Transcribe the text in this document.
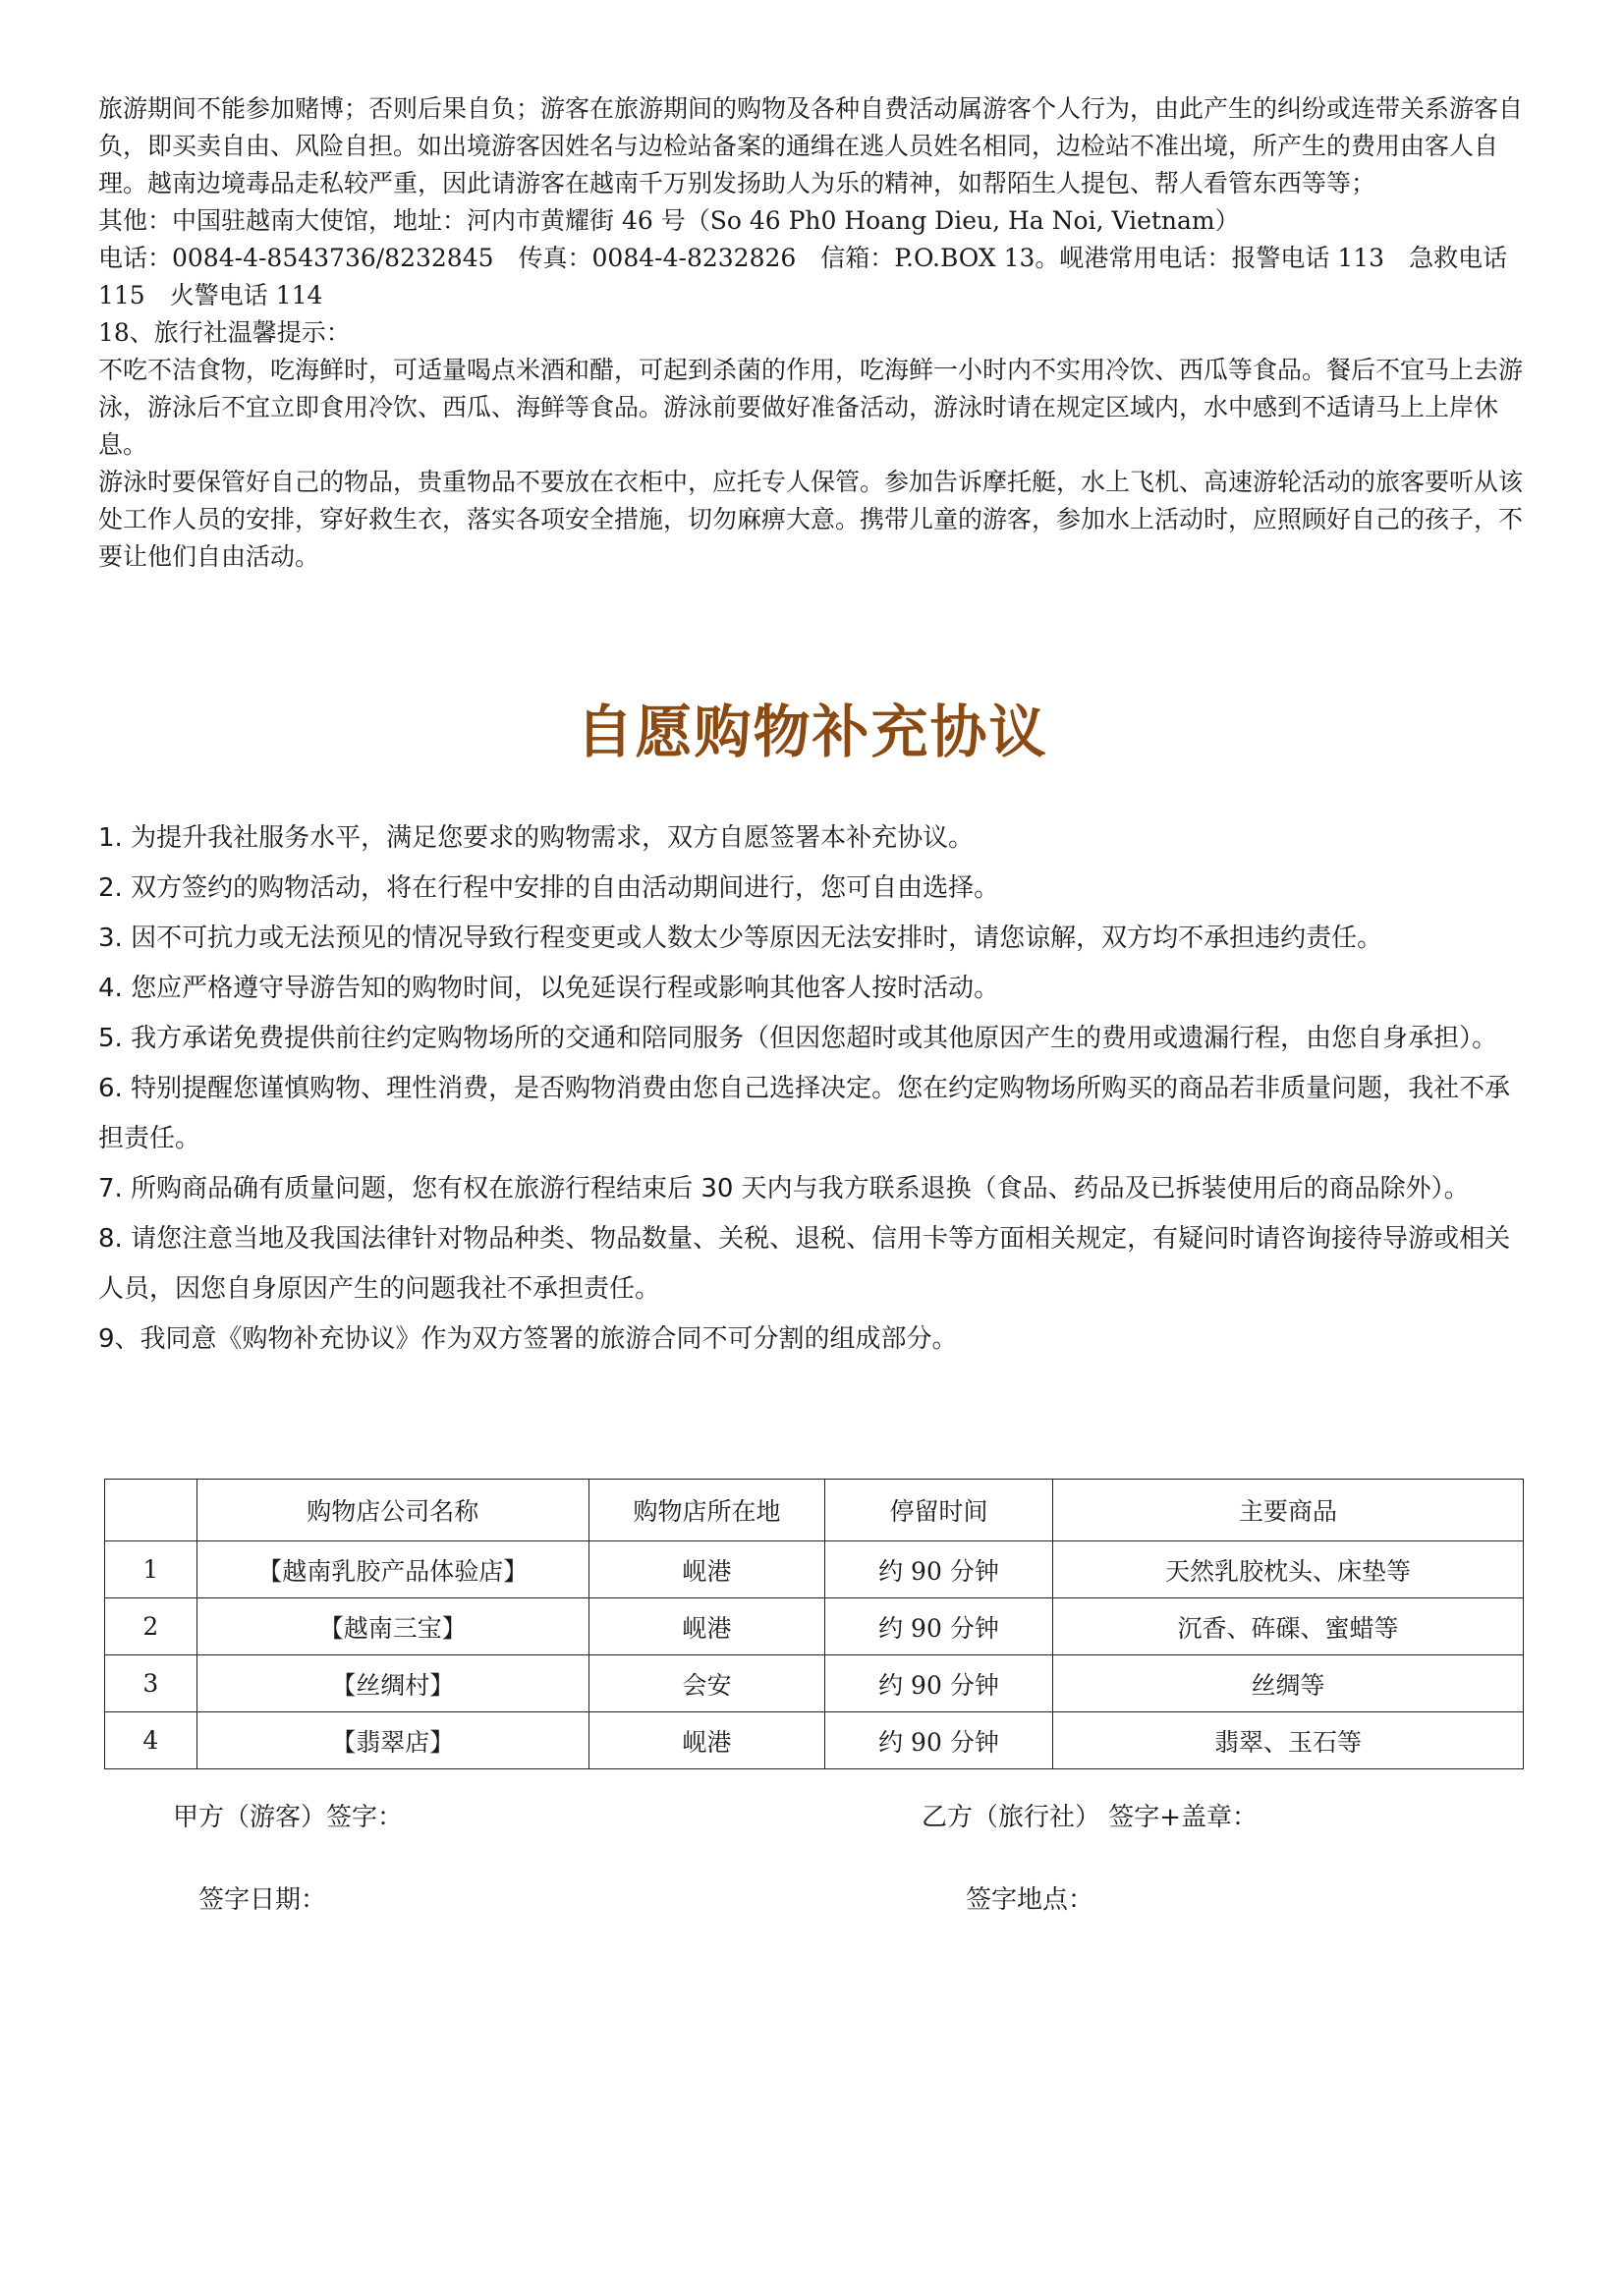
旅游期间不能参加赌博；否则后果自负；游客在旅游期间的购物及各种自费活动属游客个人行为，由此产生的纠纷或连带关系游客自负，即买卖自由、风险自担。如出境游客因姓名与边检站备案的通缉在逃人员姓名相同，边检站不准出境，所产生的费用由客人自理。越南边境毒品走私较严重，因此请游客在越南千万别发扬助人为乐的精神，如帮陌生人提包、帮人看管东西等等；

其他：中国驻越南大使馆，地址：河内市黄耀街 46 号（So 46 Ph0 Hoang Dieu, Ha Noi, Vietnam）

电话：0084-4-8543736/8232845　传真：0084-4-8232826　信箱：P.O.BOX 13。岘港常用电话：报警电话 113　急救电话 115　火警电话 114

18、旅行社温馨提示：

不吃不洁食物，吃海鲜时，可适量喝点米酒和醋，可起到杀菌的作用，吃海鲜一小时内不实用冷饮、西瓜等食品。餐后不宜马上去游泳，游泳后不宜立即食用冷饮、西瓜、海鲜等食品。游泳前要做好准备活动，游泳时请在规定区域内，水中感到不适请马上上岸休息。

游泳时要保管好自己的物品，贵重物品不要放在衣柜中，应托专人保管。参加告诉摩托艇，水上飞机、高速游轮活动的旅客要听从该处工作人员的安排，穿好救生衣，落实各项安全措施，切勿麻痹大意。携带儿童的游客，参加水上活动时，应照顾好自己的孩子，不要让他们自由活动。

自愿购物补充协议

1. 为提升我社服务水平，满足您要求的购物需求，双方自愿签署本补充协议。

2. 双方签约的购物活动，将在行程中安排的自由活动期间进行，您可自由选择。

3. 因不可抗力或无法预见的情况导致行程变更或人数太少等原因无法安排时，请您谅解，双方均不承担违约责任。

4. 您应严格遵守导游告知的购物时间，以免延误行程或影响其他客人按时活动。

5. 我方承诺免费提供前往约定购物场所的交通和陪同服务（但因您超时或其他原因产生的费用或遗漏行程，由您自身承担）。

6. 特别提醒您谨慎购物、理性消费，是否购物消费由您自己选择决定。您在约定购物场所购买的商品若非质量问题，我社不承担责任。

7. 所购商品确有质量问题，您有权在旅游行程结束后 30 天内与我方联系退换（食品、药品及已拆装使用后的商品除外）。

8. 请您注意当地及我国法律针对物品种类、物品数量、关税、退税、信用卡等方面相关规定，有疑问时请咨询接待导游或相关人员，因您自身原因产生的问题我社不承担责任。

9、我同意《购物补充协议》作为双方签署的旅游合同不可分割的组成部分。

	购物店公司名称	购物店所在地	停留时间	主要商品
1	【越南乳胶产品体验店】	岘港	约 90 分钟	天然乳胶枕头、床垫等
2	【越南三宝】	岘港	约 90 分钟	沉香、砗磲、蜜蜡等
3	【丝绸村】	会安	约 90 分钟	丝绸等
4	【翡翠店】	岘港	约 90 分钟	翡翠、玉石等
甲方（游客）签字：	乙方（旅行社） 签字+盖章：
签字日期：	签字地点：
